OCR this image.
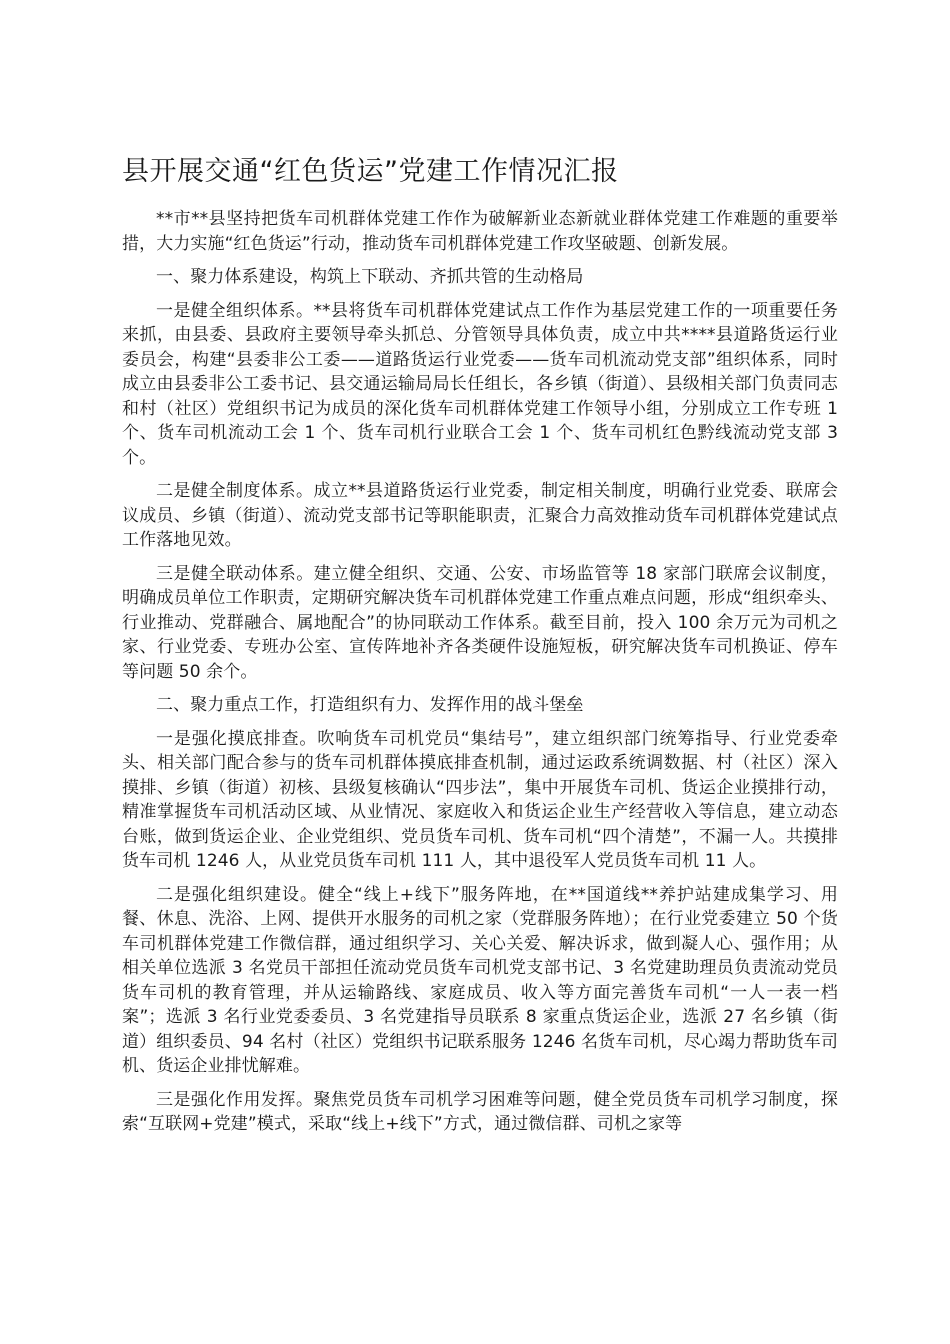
县开展交通“红色货运”党建工作情况汇报

**市**县坚持把货车司机群体党建工作作为破解新业态新就业群体党建工作难题的重要举措，大力实施“红色货运”行动，推动货车司机群体党建工作攻坚破题、创新发展。

一、聚力体系建设，构筑上下联动、齐抓共管的生动格局

一是健全组织体系。**县将货车司机群体党建试点工作作为基层党建工作的一项重要任务来抓，由县委、县政府主要领导牵头抓总、分管领导具体负责，成立中共****县道路货运行业委员会，构建“县委非公工委——道路货运行业党委——货车司机流动党支部”组织体系，同时成立由县委非公工委书记、县交通运输局局长任组长，各乡镇（街道）、县级相关部门负责同志和村（社区）党组织书记为成员的深化货车司机群体党建工作领导小组，分别成立工作专班 1 个、货车司机流动工会 1 个、货车司机行业联合工会 1 个、货车司机红色黔线流动党支部 3 个。

二是健全制度体系。成立**县道路货运行业党委，制定相关制度，明确行业党委、联席会议成员、乡镇（街道）、流动党支部书记等职能职责，汇聚合力高效推动货车司机群体党建试点工作落地见效。

三是健全联动体系。建立健全组织、交通、公安、市场监管等 18 家部门联席会议制度，明确成员单位工作职责，定期研究解决货车司机群体党建工作重点难点问题，形成“组织牵头、行业推动、党群融合、属地配合”的协同联动工作体系。截至目前，投入 100 余万元为司机之家、行业党委、专班办公室、宣传阵地补齐各类硬件设施短板，研究解决货车司机换证、停车等问题 50 余个。

二、聚力重点工作，打造组织有力、发挥作用的战斗堡垒

一是强化摸底排查。吹响货车司机党员“集结号”，建立组织部门统筹指导、行业党委牵头、相关部门配合参与的货车司机群体摸底排查机制，通过运政系统调数据、村（社区）深入摸排、乡镇（街道）初核、县级复核确认“四步法”，集中开展货车司机、货运企业摸排行动，精准掌握货车司机活动区域、从业情况、家庭收入和货运企业生产经营收入等信息，建立动态台账，做到货运企业、企业党组织、党员货车司机、货车司机“四个清楚”，不漏一人。共摸排货车司机 1246 人，从业党员货车司机 111 人，其中退役军人党员货车司机 11 人。

二是强化组织建设。健全“线上+线下”服务阵地，在**国道线**养护站建成集学习、用餐、休息、洗浴、上网、提供开水服务的司机之家（党群服务阵地）；在行业党委建立 50 个货车司机群体党建工作微信群，通过组织学习、关心关爱、解决诉求，做到凝人心、强作用；从相关单位选派 3 名党员干部担任流动党员货车司机党支部书记、3 名党建助理员负责流动党员货车司机的教育管理，并从运输路线、家庭成员、收入等方面完善货车司机“一人一表一档案”；选派 3 名行业党委委员、3 名党建指导员联系 8 家重点货运企业，选派 27 名乡镇（街道）组织委员、94 名村（社区）党组织书记联系服务 1246 名货车司机，尽心竭力帮助货车司机、货运企业排忧解难。

三是强化作用发挥。聚焦党员货车司机学习困难等问题，健全党员货车司机学习制度，探索“互联网+党建”模式，采取“线上+线下”方式，通过微信群、司机之家等
